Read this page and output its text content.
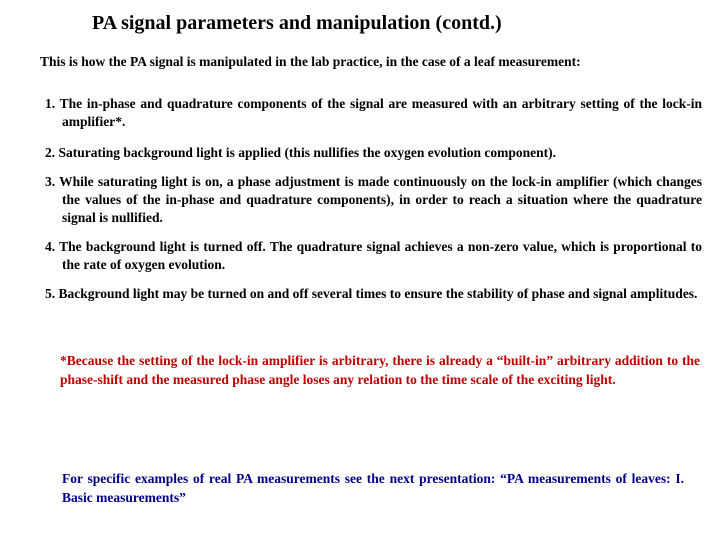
PA signal parameters and manipulation (contd.)
This is how the PA signal is manipulated in the lab practice, in the case of a leaf measurement:
1. The in-phase and quadrature components of the signal are measured with an arbitrary setting of the lock-in amplifier*.
2. Saturating background light is applied (this nullifies the oxygen evolution component).
3. While saturating light is on, a phase adjustment is made continuously on the lock-in amplifier (which changes the values of the in-phase and quadrature components), in order to reach a situation where the quadrature signal is nullified.
4. The background light is turned off. The quadrature signal achieves a non-zero value, which is proportional to the rate of oxygen evolution.
5. Background light may be turned on and off several times to ensure the stability of phase and signal amplitudes.
*Because the setting of the lock-in amplifier is arbitrary, there is already a “built-in” arbitrary addition to the phase-shift and the measured phase angle loses any relation to the time scale of the exciting light.
For specific examples of real PA measurements see the next presentation: “PA measurements of leaves: I. Basic measurements”
